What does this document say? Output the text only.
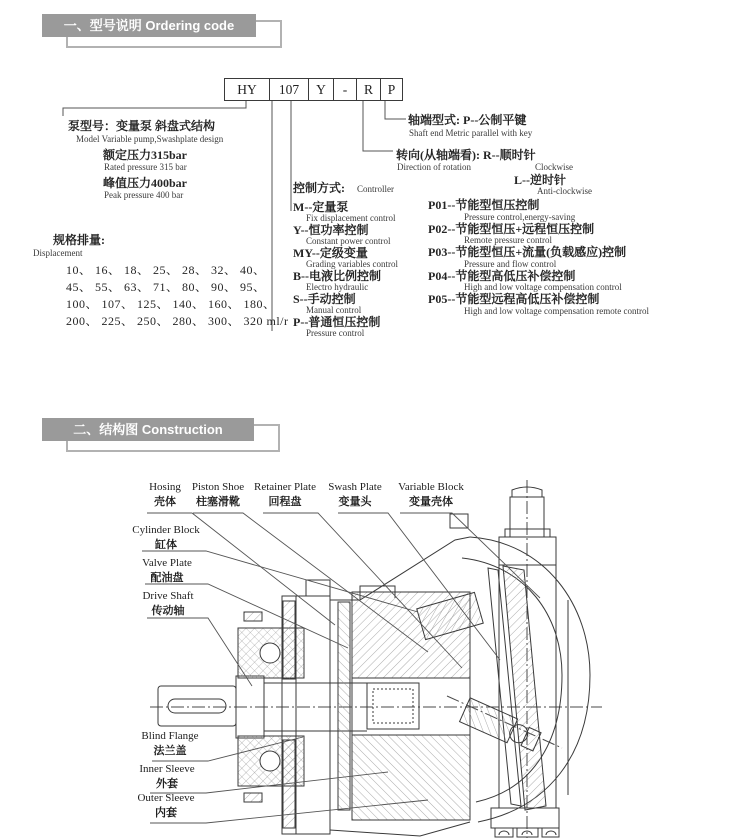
一、型号说明 Ordering code
HY	107	Y	-	R	P
泵型号：变量泵 斜盘式结构
Model Variable pump,Swashplate design
额定压力315bar
Rated pressure 315 bar
峰值压力400bar
Peak pressure 400 bar
规格排量:
Displacement
10、 16、 18、 25、 28、 32、 40、
45、 55、 63、 71、 80、 90、 95、
100、 107、 125、 140、 160、 180、
200、 225、 250、 280、 300、 320 ml/r
控制方式: Controller
M--定量泵
Fix displacement control
Y--恒功率控制
Constant power control
MY--定级变量
Grading variables control
B--电液比例控制
Electro hydraulic
S--手动控制
Manual control
P--普通恒压控制
Pressure control
轴端型式: P--公制平键
Shaft end Metric parallel with key
转向(从轴端看): R--顺时针
Direction of rotation	Clockwise
L--逆时针
Anti-clockwise
P01--节能型恒压控制
Pressure control,energy-saving
P02--节能型恒压+远程恒压控制
Remote pressure control
P03--节能型恒压+流量(负载感应)控制
Pressure and flow control
P04--节能型高低压补偿控制
High and low voltage compensation control
P05--节能型远程高低压补偿控制
High and low voltage compensation remote control
二、结构图 Construction
Hosing
壳体
Piston Shoe
柱塞滑靴
Retainer Plate
回程盘
Swash Plate
变量头
Variable Block
变量壳体
Cylinder Block
缸体
Valve Plate
配油盘
Drive Shaft
传动轴
Blind Flange
法兰盖
Inner Sleeve
外套
Outer Sleeve
内套
